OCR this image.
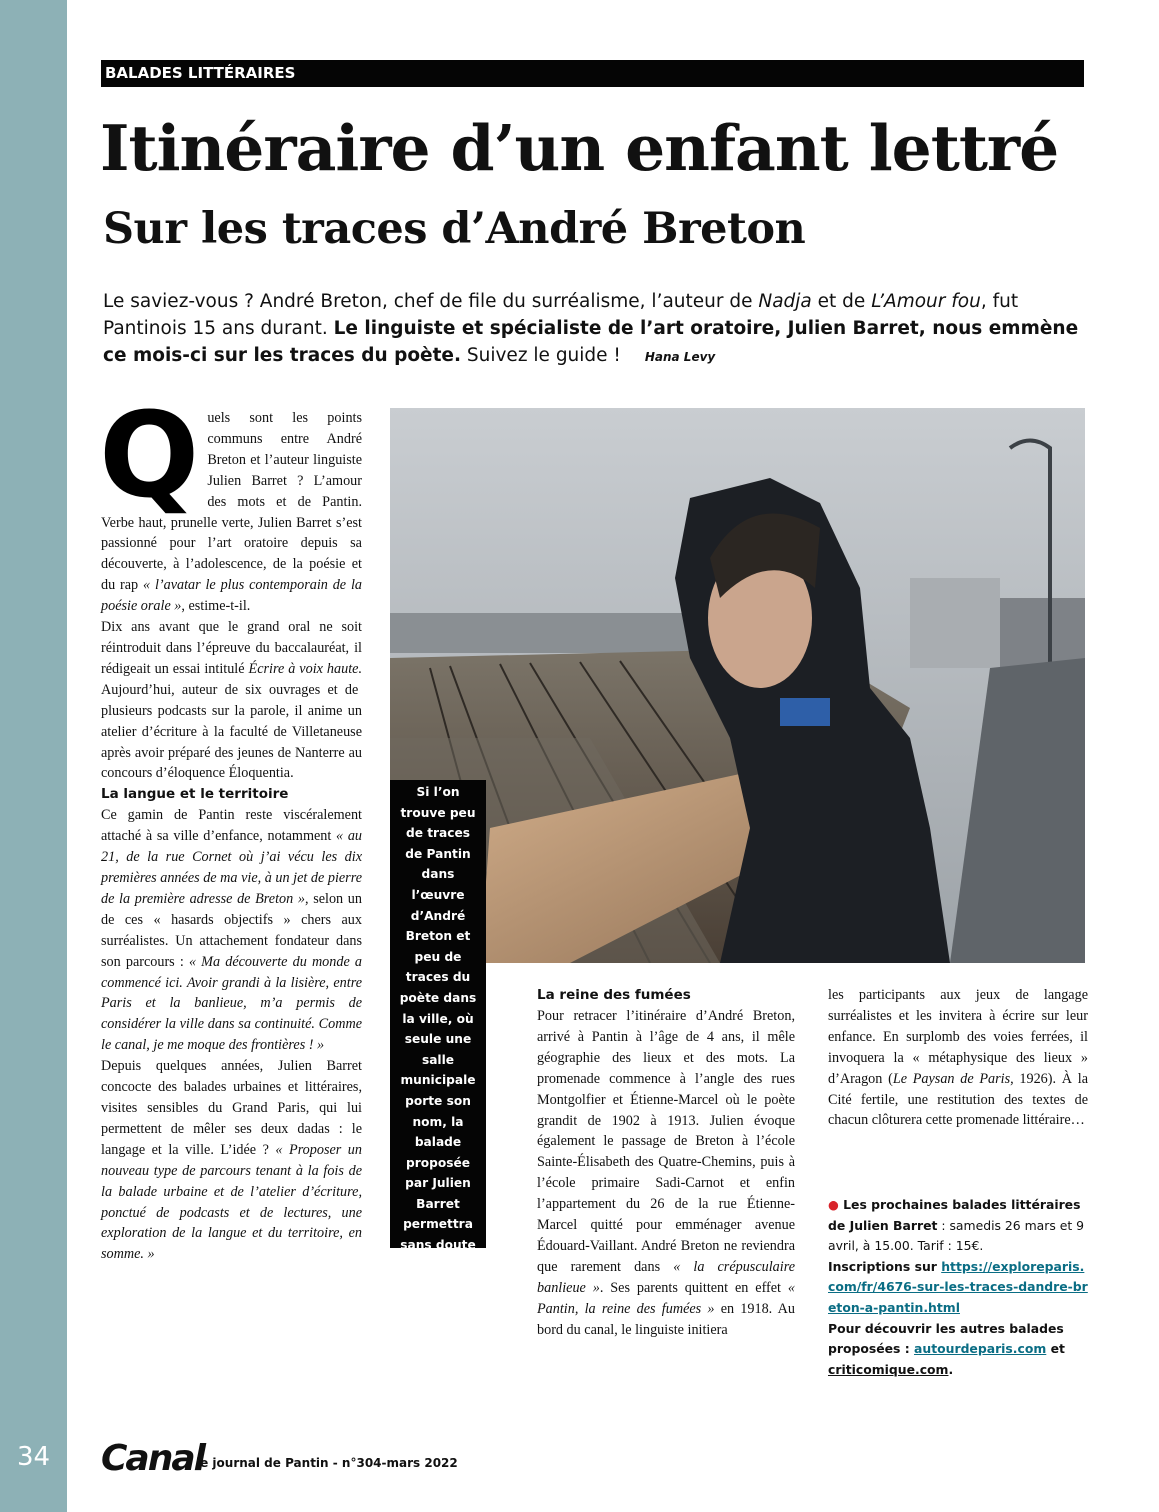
34
BALADES LITTÉRAIRES
Itinéraire d’un enfant lettré
Sur les traces d’André Breton
Le saviez-vous ? André Breton, chef de file du surréalisme, l’auteur de Nadja et de L’Amour fou, fut Pantinois 15 ans durant. Le linguiste et spécialiste de l’art oratoire, Julien Barret, nous emmène ce mois-ci sur les traces du poète. Suivez le guide ! Hana Levy

Quels sont les points communs entre André Breton et l’auteur linguiste Julien Barret ? L’amour des mots et de Pantin. Verbe haut, prunelle verte, Julien Barret s’est passionné pour l’art oratoire depuis sa découverte, à l’adolescence, de la poésie et du rap « l’avatar le plus contemporain de la poésie orale », estime-t-il.

Dix ans avant que le grand oral ne soit réintroduit dans l’épreuve du baccalauréat, il rédigeait un essai intitulé Écrire à voix haute. Aujourd’hui, auteur de six ouvrages et de plusieurs podcasts sur la parole, il anime un atelier d’écriture à la faculté de Villetaneuse après avoir préparé des jeunes de Nanterre au concours d’éloquence Éloquentia.

La langue et le territoire

Ce gamin de Pantin reste viscéralement attaché à sa ville d’enfance, notamment « au 21, de la rue Cornet où j’ai vécu les dix premières années de ma vie, à un jet de pierre de la première adresse de Breton », selon un de ces « hasards objectifs » chers aux surréalistes. Un attachement fondateur dans son parcours : « Ma découverte du monde a commencé ici. Avoir grandi à la lisière, entre Paris et la banlieue, m’a permis de considérer la ville dans sa continuité. Comme le canal, je me moque des frontières ! »

Depuis quelques années, Julien Barret concocte des balades urbaines et littéraires, visites sensibles du Grand Paris, qui lui permettent de mêler ses deux dadas : le langage et la ville. L’idée ? « Proposer un nouveau type de parcours tenant à la fois de la balade urbaine et de l’atelier d’écriture, ponctué de podcasts et de lectures, une exploration de la langue et du territoire, en somme. »

Si l’on trouve peu de traces de Pantin dans l’œuvre d’André Breton et peu de traces du poète dans la ville, où seule une salle municipale porte son nom, la balade proposée par Julien Barret permettra sans doute d’exhumer de l’oubli l’itinéraire de ce célèbre Pantinois.

La reine des fumées

Pour retracer l’itinéraire d’André Breton, arrivé à Pantin à l’âge de 4 ans, il mêle géographie des lieux et des mots. La promenade commence à l’angle des rues Montgolfier et Étienne-Marcel où le poète grandit de 1902 à 1913. Julien évoque également le passage de Breton à l’école Sainte-Élisabeth des Quatre-Chemins, puis à l’école primaire Sadi-Carnot et enfin l’appartement du 26 de la rue Étienne-Marcel quitté pour emménager avenue Édouard-Vaillant. André Breton ne reviendra que rarement dans « la crépusculaire banlieue ». Ses parents quittent en effet « Pantin, la reine des fumées » en 1918. Au bord du canal, le linguiste initiera

les participants aux jeux de langage surréalistes et les invitera à écrire sur leur enfance. En surplomb des voies ferrées, il invoquera la « métaphysique des lieux » d’Aragon (Le Paysan de Paris, 1926). À la Cité fertile, une restitution des textes de chacun clôturera cette promenade littéraire…

● Les prochaines balades littéraires de Julien Barret : samedis 26 mars et 9 avril, à 15.00. Tarif : 15€.
Inscriptions sur https://exploreparis.com/fr/4676-sur-les-traces-dandre-breton-a-pantin.html
Pour découvrir les autres balades proposées : autourdeparis.com et criticomique.com.
Canal
le journal de Pantin - n°304-mars 2022
